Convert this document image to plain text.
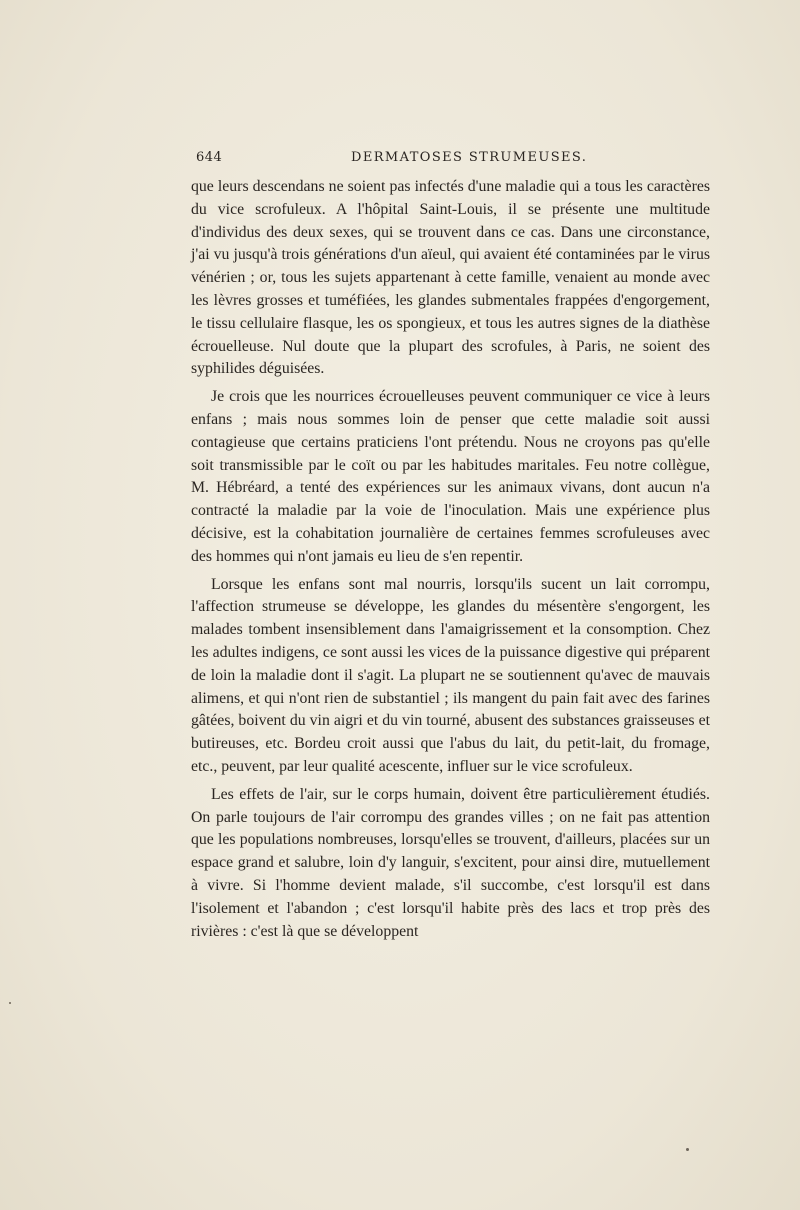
644	DERMATOSES STRUMEUSES.

que leurs descendans ne soient pas infectés d'une maladie qui a tous les caractères du vice scrofuleux. A l'hôpital Saint-Louis, il se présente une multitude d'individus des deux sexes, qui se trouvent dans ce cas. Dans une circonstance, j'ai vu jusqu'à trois générations d'un aïeul, qui avaient été contaminées par le virus vénérien ; or, tous les sujets appartenant à cette famille, venaient au monde avec les lèvres grosses et tuméfiées, les glandes submentales frappées d'engorgement, le tissu cellulaire flasque, les os spongieux, et tous les autres signes de la diathèse écrouelleuse. Nul doute que la plupart des scrofules, à Paris, ne soient des syphilides déguisées.

Je crois que les nourrices écrouelleuses peuvent communiquer ce vice à leurs enfans ; mais nous sommes loin de penser que cette maladie soit aussi contagieuse que certains praticiens l'ont prétendu. Nous ne croyons pas qu'elle soit transmissible par le coït ou par les habitudes maritales. Feu notre collègue, M. Hébréard, a tenté des expériences sur les animaux vivans, dont aucun n'a contracté la maladie par la voie de l'inoculation. Mais une expérience plus décisive, est la cohabitation journalière de certaines femmes scrofuleuses avec des hommes qui n'ont jamais eu lieu de s'en repentir.

Lorsque les enfans sont mal nourris, lorsqu'ils sucent un lait corrompu, l'affection strumeuse se développe, les glandes du mésentère s'engorgent, les malades tombent insensiblement dans l'amaigrissement et la consomption. Chez les adultes indigens, ce sont aussi les vices de la puissance digestive qui préparent de loin la maladie dont il s'agit. La plupart ne se soutiennent qu'avec de mauvais alimens, et qui n'ont rien de substantiel ; ils mangent du pain fait avec des farines gâtées, boivent du vin aigri et du vin tourné, abusent des substances graisseuses et butireuses, etc. Bordeu croit aussi que l'abus du lait, du petit-lait, du fromage, etc., peuvent, par leur qualité acescente, influer sur le vice scrofuleux.

Les effets de l'air, sur le corps humain, doivent être particulièrement étudiés. On parle toujours de l'air corrompu des grandes villes ; on ne fait pas attention que les populations nombreuses, lorsqu'elles se trouvent, d'ailleurs, placées sur un espace grand et salubre, loin d'y languir, s'excitent, pour ainsi dire, mutuellement à vivre. Si l'homme devient malade, s'il succombe, c'est lorsqu'il est dans l'isolement et l'abandon ; c'est lorsqu'il habite près des lacs et trop près des rivières : c'est là que se développent
